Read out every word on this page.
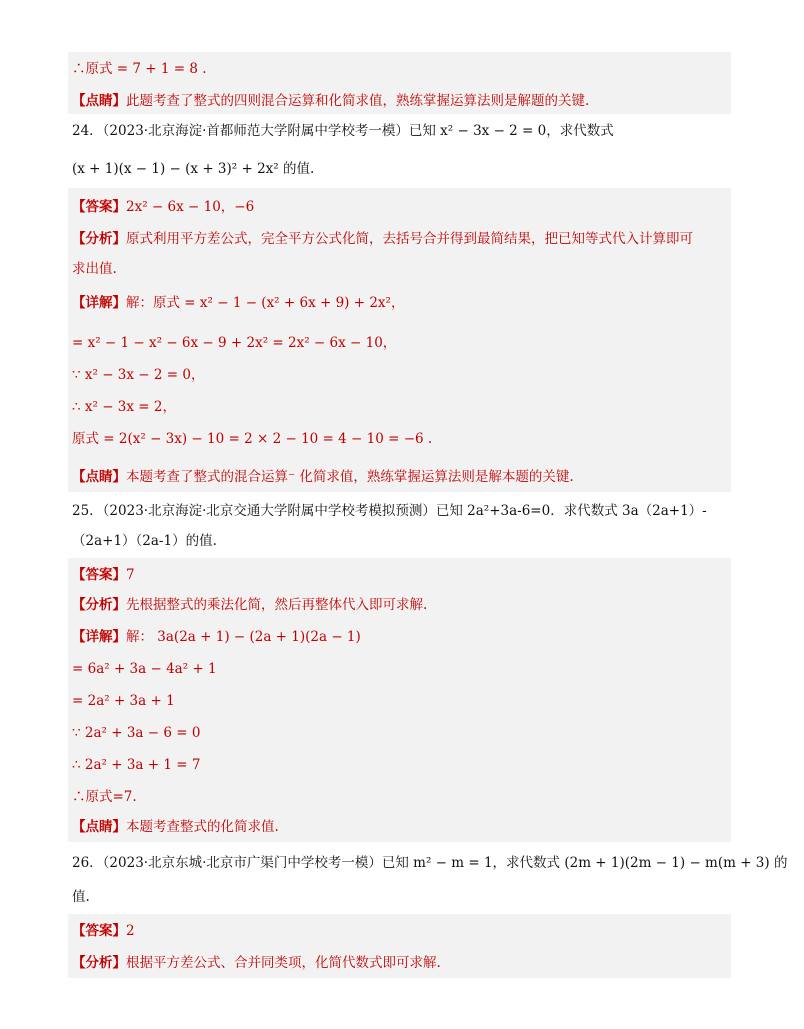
∴原式 = 7 + 1 = 8 .
【点睛】此题考查了整式的四则混合运算和化简求值，熟练掌握运算法则是解题的关键.
24．（2023·北京海淀·首都师范大学附属中学校考一模）已知 x² − 3x − 2 = 0，求代数式
(x + 1)(x − 1) − (x + 3)² + 2x² 的值.
【答案】2x² − 6x − 10，−6
【分析】原式利用平方差公式，完全平方公式化简，去括号合并得到最简结果，把已知等式代入计算即可
求出值.
【详解】解：原式 = x² − 1 − (x² + 6x + 9) + 2x²，
= x² − 1 − x² − 6x − 9 + 2x² = 2x² − 6x − 10，
∵ x² − 3x − 2 = 0，
∴ x² − 3x = 2，
原式 = 2(x² − 3x) − 10 = 2 × 2 − 10 = 4 − 10 = −6 .
【点睛】本题考查了整式的混合运算⁻ 化简求值，熟练掌握运算法则是解本题的关键.
25．（2023·北京海淀·北京交通大学附属中学校考模拟预测）已知 2a²+3a-6=0．求代数式 3a（2a+1）-
（2a+1）（2a-1）的值.
【答案】7
【分析】先根据整式的乘法化简，然后再整体代入即可求解.
【详解】解： 3a(2a + 1) − (2a + 1)(2a − 1)
= 6a² + 3a − 4a² + 1
= 2a² + 3a + 1
∵ 2a² + 3a − 6 = 0
∴ 2a² + 3a + 1 = 7
∴原式=7.
【点睛】本题考查整式的化简求值.
26．（2023·北京东城·北京市广渠门中学校考一模）已知 m² − m = 1，求代数式 (2m + 1)(2m − 1) − m(m + 3) 的
值.
【答案】2
【分析】根据平方差公式、合并同类项，化简代数式即可求解.
